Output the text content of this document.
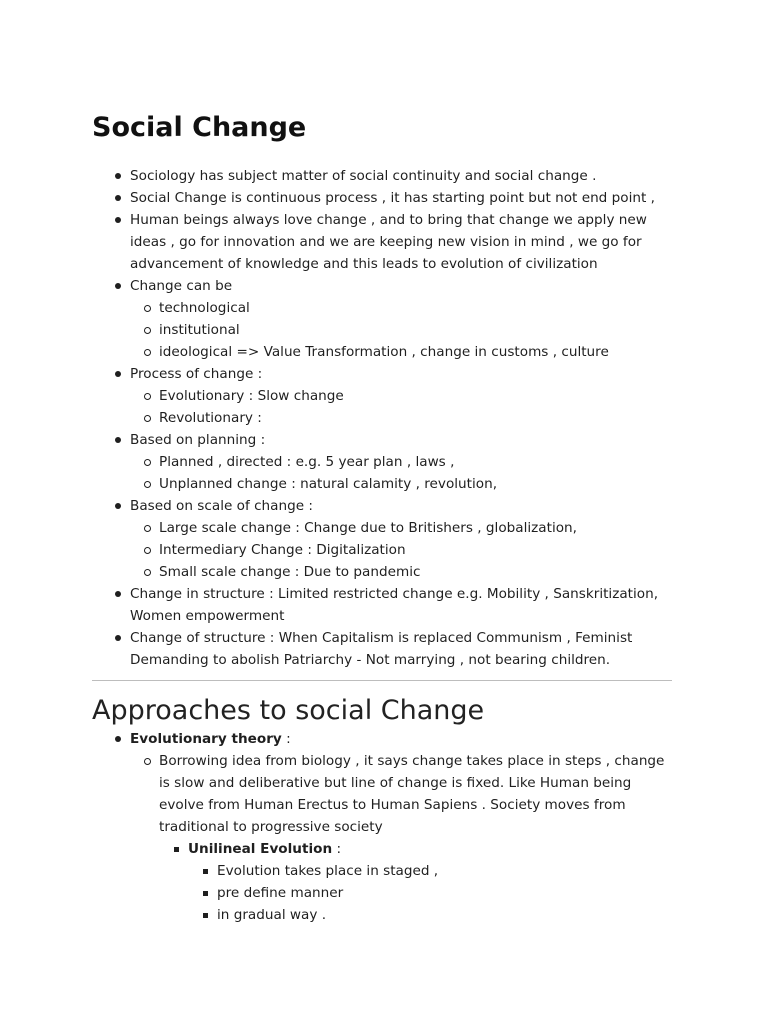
Social Change
Sociology has subject matter of social continuity and social change .
Social Change is continuous process , it has starting point but not end point ,
Human beings always love change , and to bring that change we apply new ideas , go for innovation and we are keeping new vision in mind , we go for advancement of knowledge and this leads to evolution of civilization
Change can be
technological
institutional
ideological => Value Transformation , change in customs , culture
Process of change :
Evolutionary : Slow change
Revolutionary :
Based on planning :
Planned , directed : e.g. 5 year plan , laws ,
Unplanned change : natural calamity , revolution,
Based on scale of change :
Large scale change : Change due to Britishers , globalization,
Intermediary Change : Digitalization
Small scale change : Due to pandemic
Change in structure : Limited restricted change e.g. Mobility , Sanskritization, Women empowerment
Change of structure : When Capitalism is replaced Communism , Feminist Demanding to abolish Patriarchy - Not marrying , not bearing children.
Approaches to social Change
Evolutionary theory :
Borrowing idea from biology , it says change takes place in steps , change is slow and deliberative but line of change is fixed. Like Human being evolve from Human Erectus to Human Sapiens . Society moves from traditional to progressive society
Unilineal Evolution :
Evolution takes place in staged ,
pre define manner
in gradual way .
